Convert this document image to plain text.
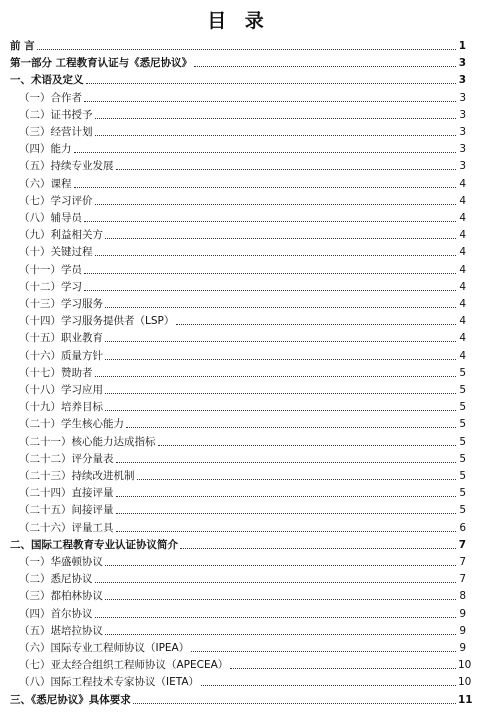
目 录
前 言	1
第一部分 工程教育认证与《悉尼协议》	3
一、术语及定义	3
（一）合作者	3
（二）证书授予	3
（三）经营计划	3
（四）能力	3
（五）持续专业发展	3
（六）课程	4
（七）学习评价	4
（八）辅导员	4
（九）利益相关方	4
（十）关键过程	4
（十一）学员	4
（十二）学习	4
（十三）学习服务	4
（十四）学习服务提供者（LSP）	4
（十五）职业教育	4
（十六）质量方针	4
（十七）赞助者	5
（十八）学习应用	5
（十九）培养目标	5
（二十）学生核心能力	5
（二十一）核心能力达成指标	5
（二十二）评分量表	5
（二十三）持续改进机制	5
（二十四）直接评量	5
（二十五）间接评量	5
（二十六）评量工具	6
二、国际工程教育专业认证协议简介	7
（一）华盛顿协议	7
（二）悉尼协议	7
（三）都柏林协议	8
（四）首尔协议	9
（五）堪培拉协议	9
（六）国际专业工程师协议（IPEA）	9
（七）亚太经合组织工程师协议（APECEA）	10
（八）国际工程技术专家协议（IETA）	10
三、《悉尼协议》具体要求	11
